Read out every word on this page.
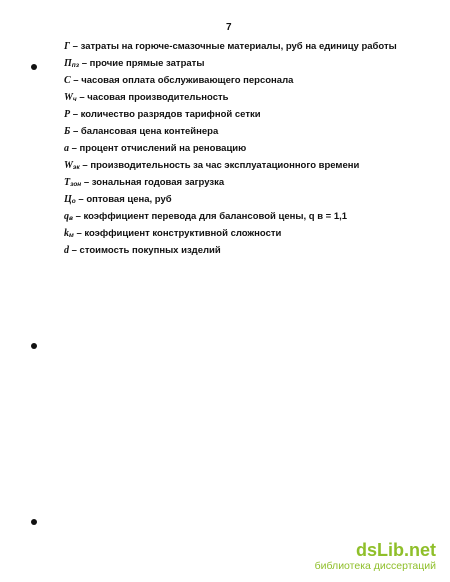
7
Г – затраты на горюче-смазочные материалы, руб на единицу работы
Ппз – прочие прямые затраты
С – часовая оплата обслуживающего персонала
Wч – часовая производительность
Р – количество разрядов тарифной сетки
Б – балансовая цена контейнера
a – процент отчислений на реновацию
Wэк – производительность за час эксплуатационного времени
Тзон – зональная годовая загрузка
Цо – оптовая цена, руб
qв – коэффициент перевода для балансовой цены, q в = 1,1
kм – коэффициент конструктивной сложности
d – стоимость покупных изделий
dsLib.net
библиотека диссертаций
